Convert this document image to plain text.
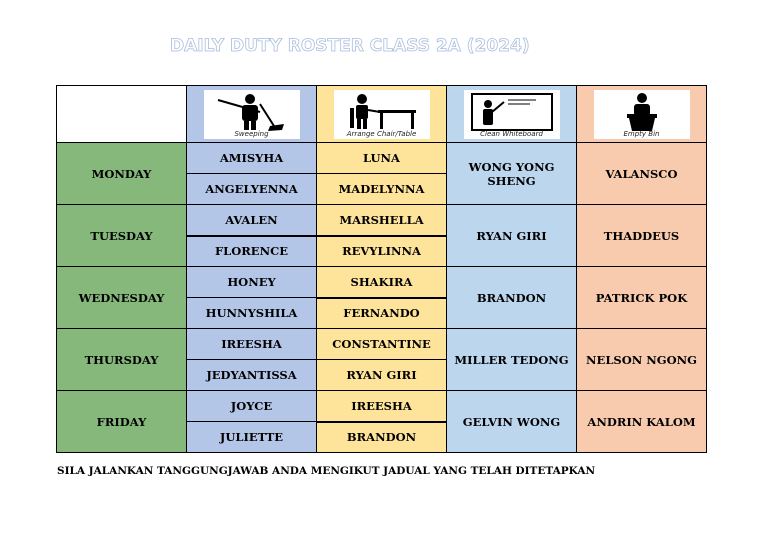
DAILY DUTY ROSTER CLASS 2A (2024)

	Sweeping	Arrange Chair/Table	Clean Whiteboard	Empty Bin

MONDAY	AMISYHA	LUNA	WONG YONG SHENG	VALANSCO
	ANGELYENNA	MADELYNNA		
TUESDAY	AVALEN	MARSHELLA	RYAN GIRI	THADDEUS
	FLORENCE	REVYLINNA		
WEDNESDAY	HONEY	SHAKIRA	BRANDON	PATRICK POK
	HUNNYSHILA	FERNANDO		
THURSDAY	IREESHA	CONSTANTINE	MILLER TEDONG	NELSON NGONG
	JEDYANTISSA	RYAN GIRI		
FRIDAY	JOYCE	IREESHA	GELVIN WONG	ANDRIN KALOM
	JULIETTE	BRANDON		
SILA JALANKAN TANGGUNGJAWAB ANDA MENGIKUT JADUAL YANG TELAH DITETAPKAN
